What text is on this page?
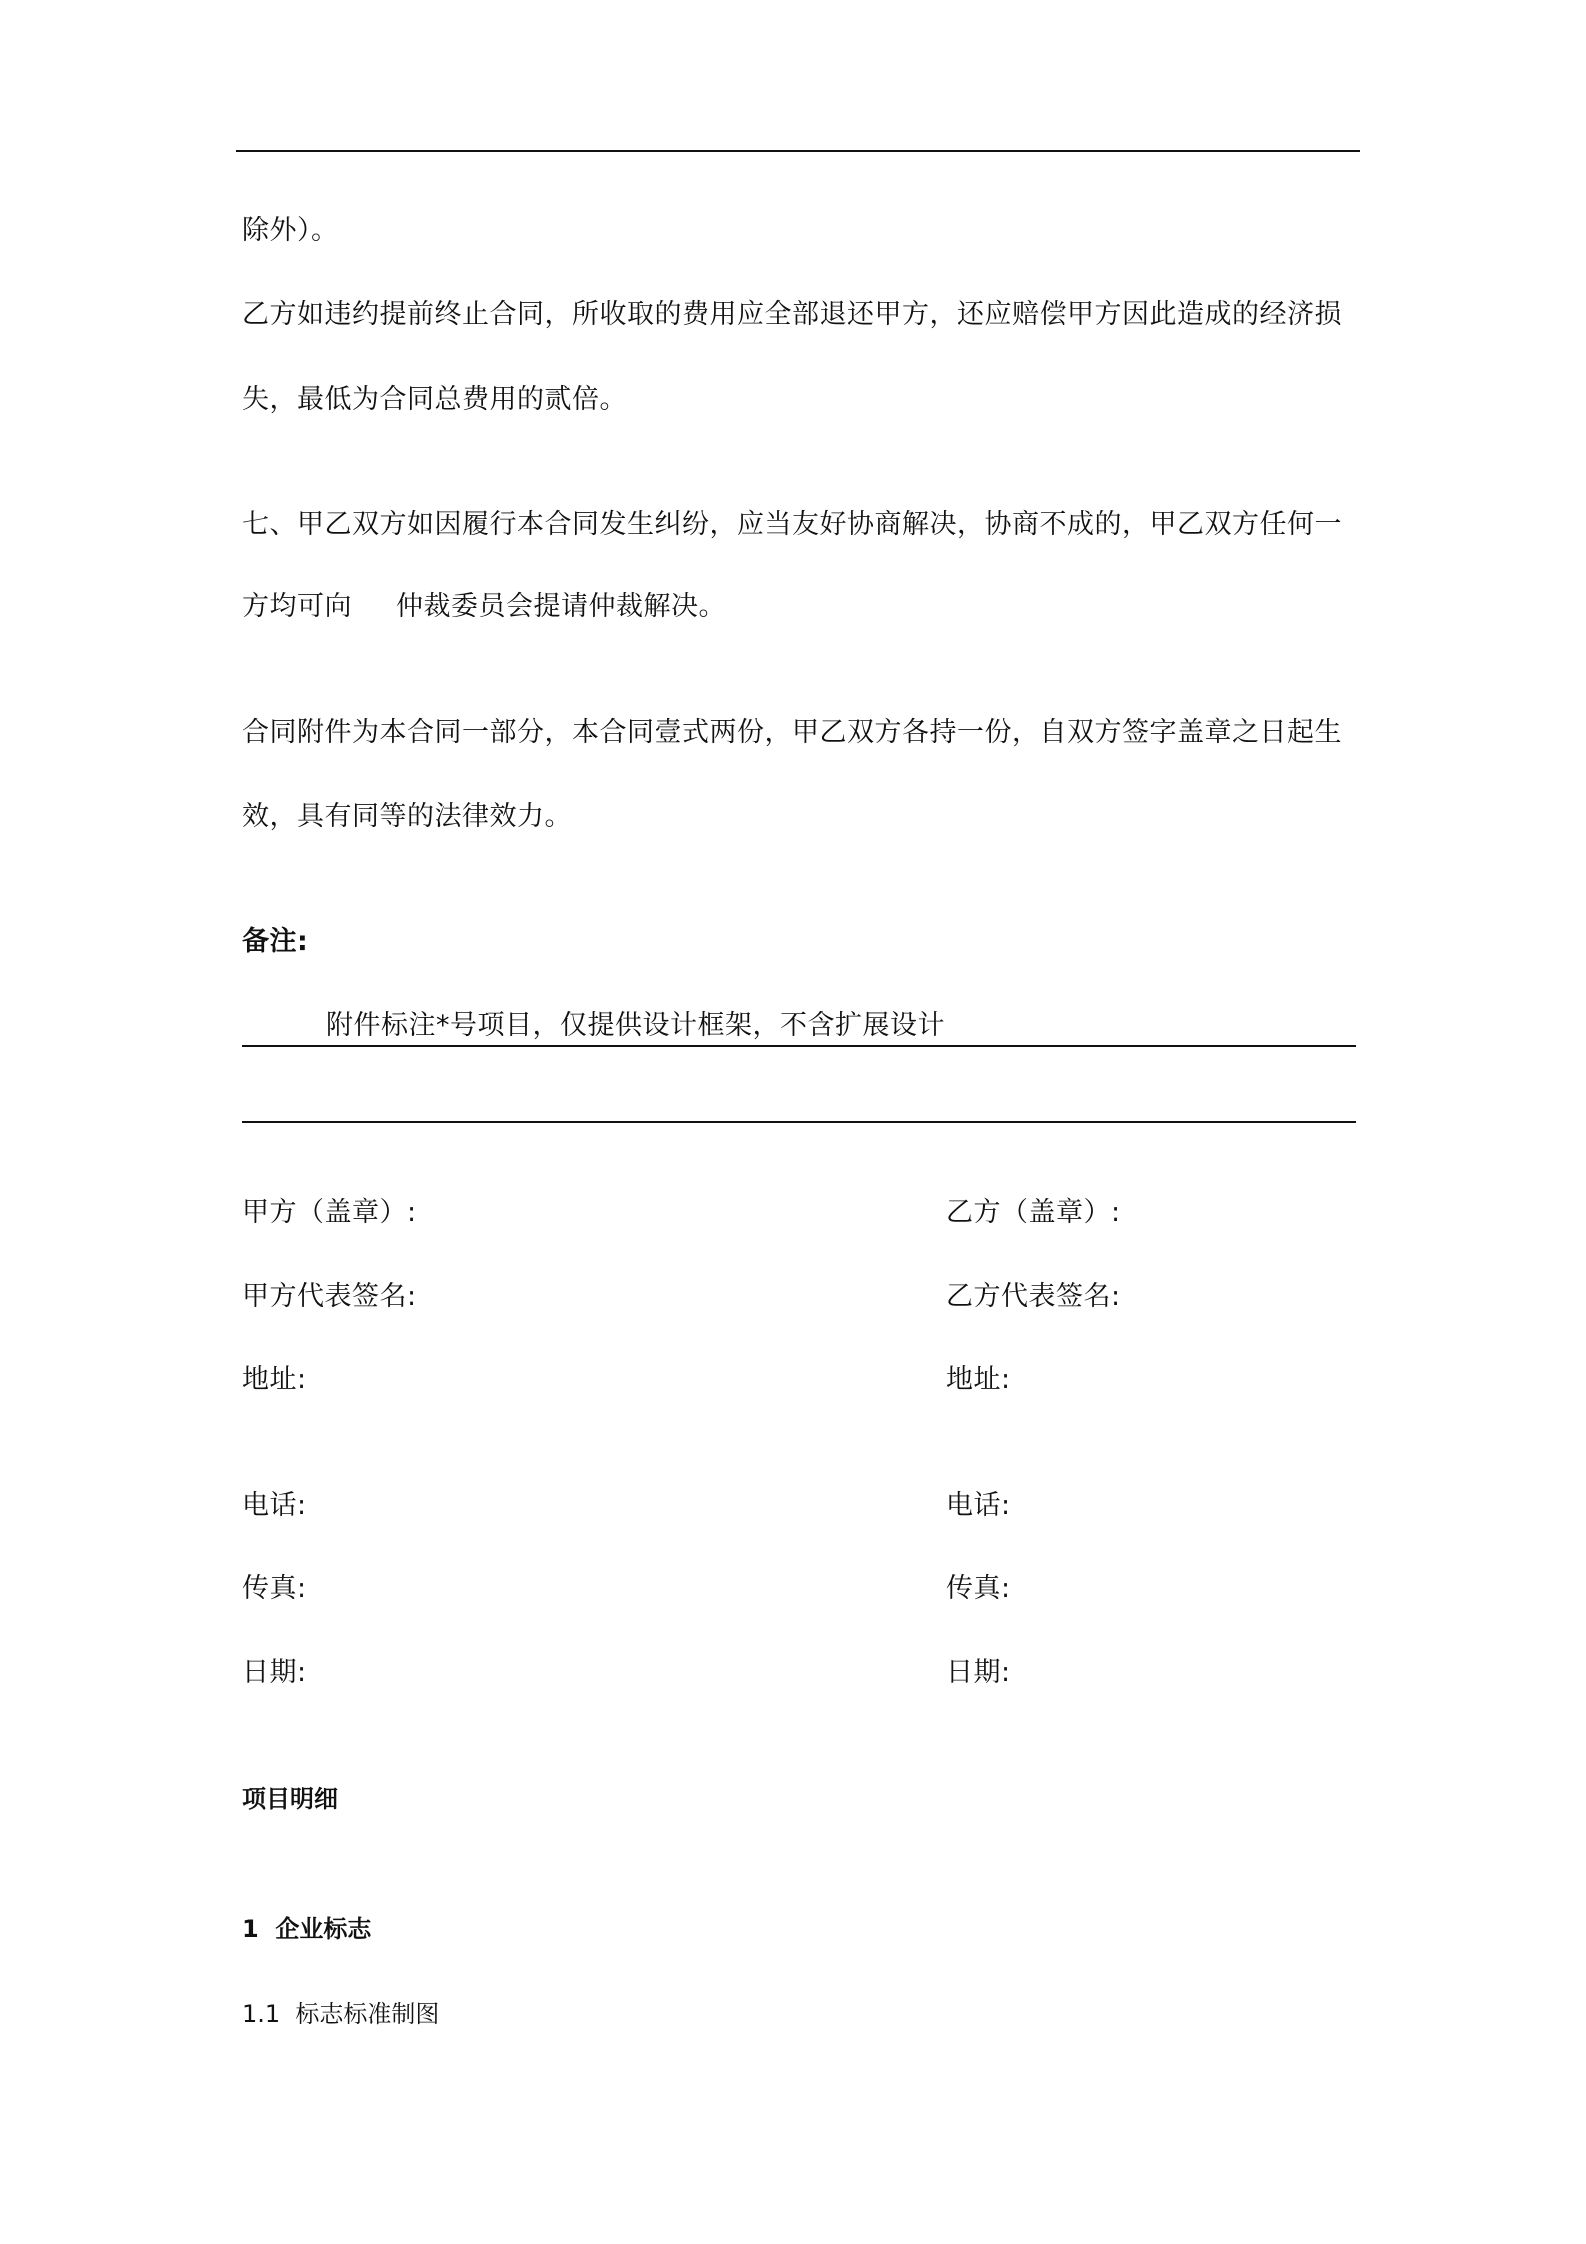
除外）。
乙方如违约提前终止合同，所收取的费用应全部退还甲方，还应赔偿甲方因此造成的经济损
失，最低为合同总费用的贰倍。
七、甲乙双方如因履行本合同发生纠纷，应当友好协商解决，协商不成的，甲乙双方任何一
方均可向 仲裁委员会提请仲裁解决。
合同附件为本合同一部分，本合同壹式两份，甲乙双方各持一份，自双方签字盖章之日起生
效，具有同等的法律效力。
备注:
附件标注*号项目，仅提供设计框架，不含扩展设计
甲方（盖章）:
甲方代表签名:
地址:
电话:
传真:
日期:
乙方（盖章）:
乙方代表签名:
地址:
电话:
传真:
日期:
项目明细
1  企业标志
1.1  标志标准制图
